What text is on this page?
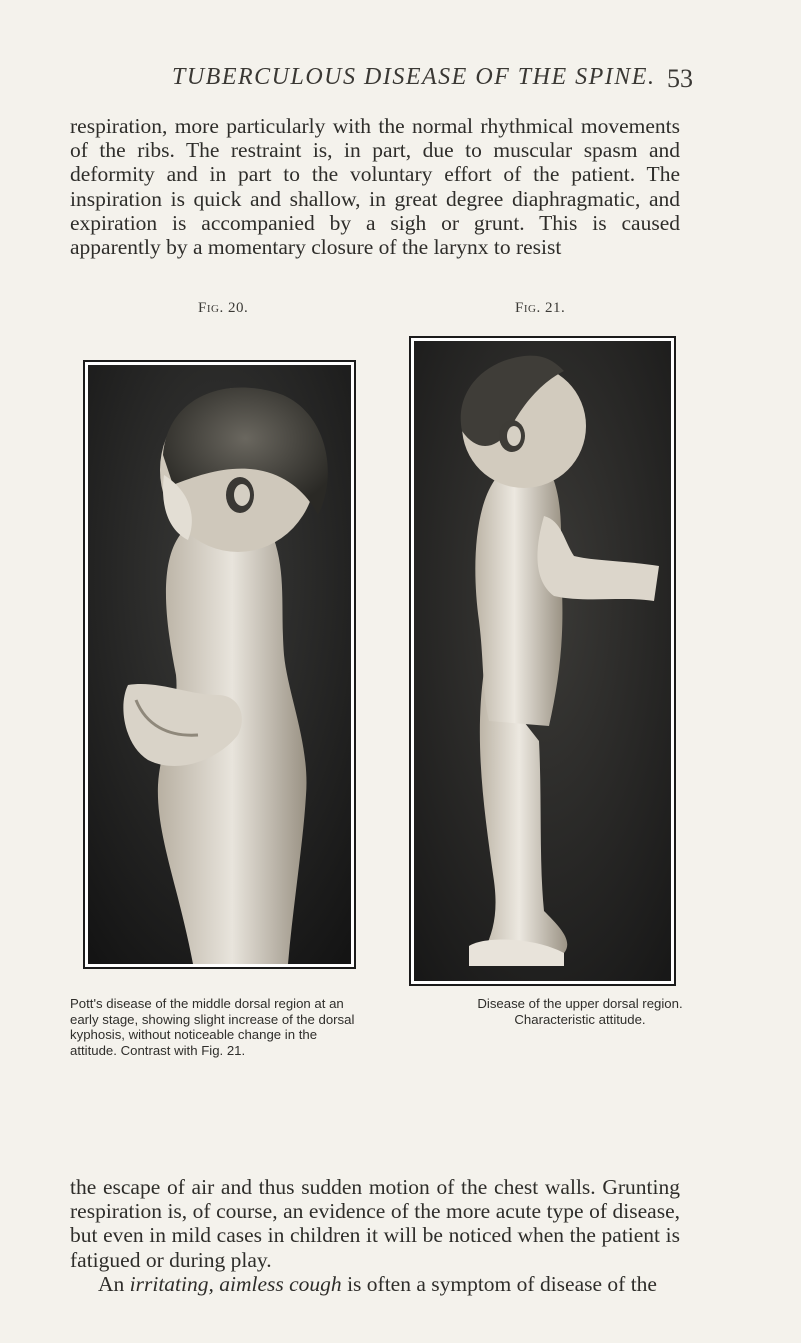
TUBERCULOUS DISEASE OF THE SPINE. 53

respiration, more particularly with the normal rhythmical movements of the ribs. The restraint is, in part, due to muscular spasm and deformity and in part to the voluntary effort of the patient. The inspiration is quick and shallow, in great degree diaphragmatic, and expiration is accompanied by a sigh or grunt. This is caused apparently by a momentary closure of the larynx to resist

Fig. 20.	Fig. 21.

Pott's disease of the middle dorsal region at an early stage, showing slight increase of the dorsal kyphosis, without noticeable change in the attitude. Contrast with Fig. 21.

Disease of the upper dorsal region. Characteristic attitude.

the escape of air and thus sudden motion of the chest walls. Grunting respiration is, of course, an evidence of the more acute type of disease, but even in mild cases in children it will be noticed when the patient is fatigued or during play.
An irritating, aimless cough is often a symptom of disease of the
